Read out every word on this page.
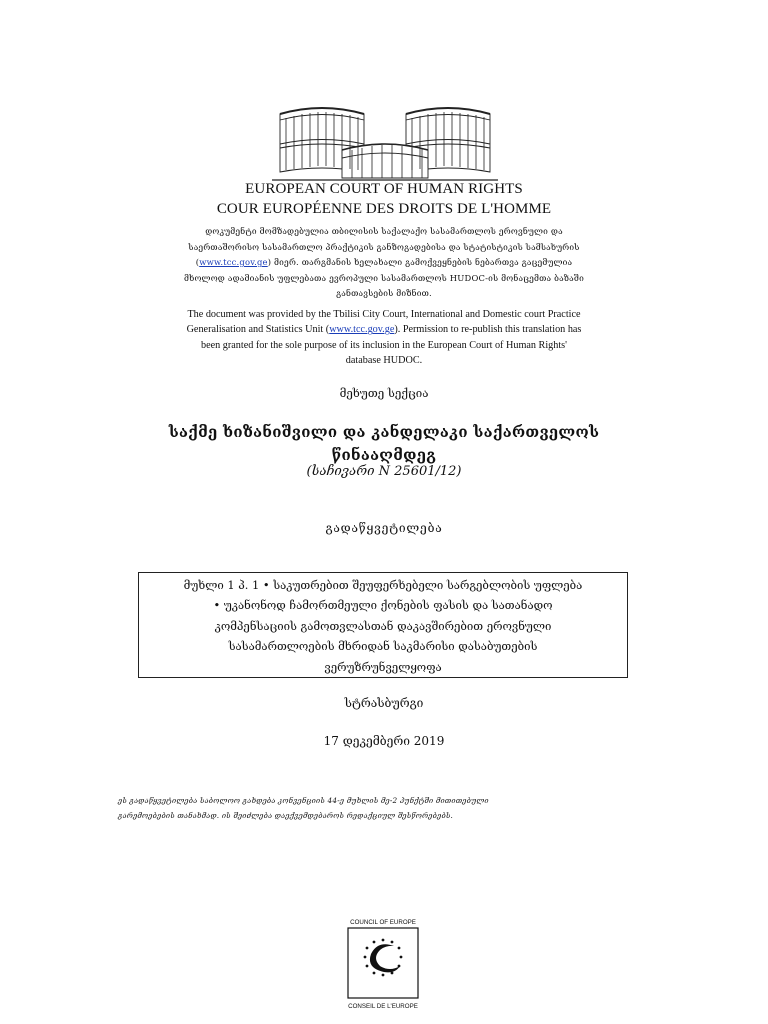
EUROPEAN COURT OF HUMAN RIGHTS
COUR EUROPÉENNE DES DROITS DE L'HOMME
დოკუმენტი მომზადებულია თბილისის საქალაქო სასამართლოს ეროვნული და
საერთაშორისო სასამართლო პრაქტიკის განზოგადებისა და სტატისტიკის სამსახურის
(www.tcc.gov.ge) მიერ. თარგმანის ხელახალი გამოქვეყნების ნებართვა გაცემულია
მხოლოდ ადამიანის უფლებათა ევროპული სასამართლოს HUDOC-ის მონაცემთა ბაზაში
განთავსების მიზნით.
The document was provided by the Tbilisi City Court, International and Domestic court Practice
Generalisation and Statistics Unit (www.tcc.gov.ge). Permission to re-publish this translation has
been granted for the sole purpose of its inclusion in the European Court of Human Rights'
database HUDOC.
მეხუთე სექცია
საქმე ხიზანიშვილი და კანდელაკი საქართველოს
წინააღმდეგ
(საჩივარი N 25601/12)
გადაწყვეტილება
მუხლი 1 პ. 1 • საკუთრებით შეუფერხებელი სარგებლობის უფლება
• უკანონოდ ჩამორთმეული ქონების ფასის და სათანადო
კომპენსაციის გამოთვლასთან დაკავშირებით ეროვნული
სასამართლოების მხრიდან საკმარისი დასაბუთების
ვერუზრუნველყოფა
სტრასბურგი
17 დეკემბერი 2019
ეს გადაწყვეტილება საბოლოო გახდება კონვენციის 44-ე მუხლის მე-2 პუნქტში მითითებული
გარემოებების თანახმად. ის შეიძლება დაექვემდებაროს რედაქციულ შესწორებებს.
COUNCIL OF EUROPE
CONSEIL DE L'EUROPE
